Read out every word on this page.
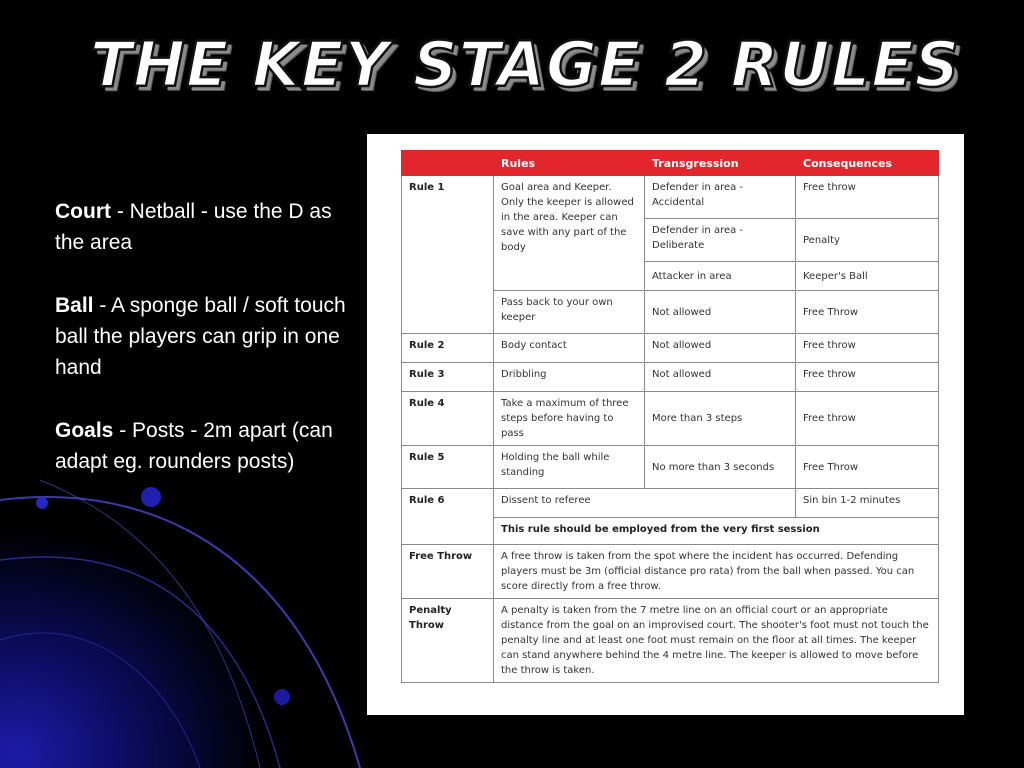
THE KEY STAGE 2 RULES

Court - Netball - use the D as the area

Ball - A sponge ball / soft touch ball the players can grip in one hand

Goals - Posts - 2m apart (can adapt eg. rounders posts)

	Rules	Transgression	Consequences
Rule 1	Goal area and Keeper. Only the keeper is allowed in the area. Keeper can save with any part of the body	Defender in area - Accidental	Free throw
		Defender in area - Deliberate	Penalty
		Attacker in area	Keeper's Ball
	Pass back to your own keeper	Not allowed	Free Throw
Rule 2	Body contact	Not allowed	Free throw
Rule 3	Dribbling	Not allowed	Free throw
Rule 4	Take a maximum of three steps before having to pass	More than 3 steps	Free throw
Rule 5	Holding the ball while standing	No more than 3 seconds	Free Throw
Rule 6	Dissent to referee		Sin bin 1-2 minutes
	This rule should be employed from the very first session		
Free Throw	A free throw is taken from the spot where the incident has occurred. Defending players must be 3m (official distance pro rata) from the ball when passed. You can score directly from a free throw.		
Penalty Throw	A penalty is taken from the 7 metre line on an official court or an appropriate distance from the goal on an improvised court. The shooter's foot must not touch the penalty line and at least one foot must remain on the floor at all times. The keeper can stand anywhere behind the 4 metre line. The keeper is allowed to move before the throw is taken.		
